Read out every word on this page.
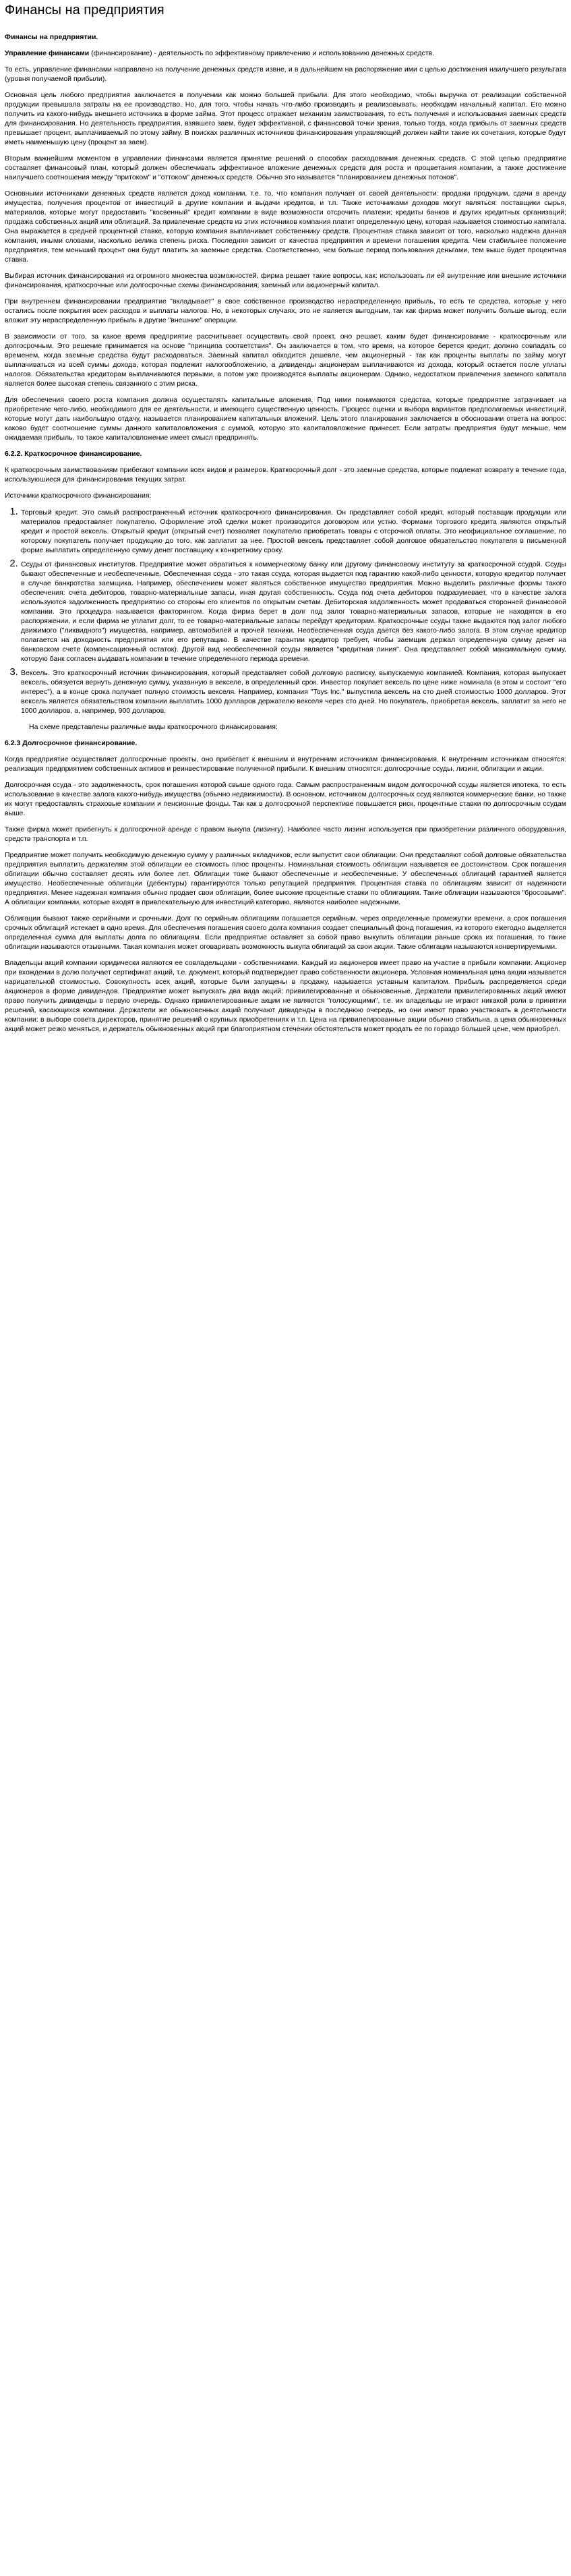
Финансы на предприятия

Финансы на предприятии.

Управление финансами (финансирование) - деятельность по эффективному привлечению и использованию денежных средств.

То есть, управление финансами направлено на получение денежных средств извне, и в дальнейшем на распоряжение ими с целью достижения наилучшего результата (уровня получаемой прибыли).

Основная цель любого предприятия заключается в получении как можно большей прибыли. Для этого необходимо, чтобы выручка от реализации собственной продукции превышала затраты на ее производство. Но, для того, чтобы начать что-либо производить и реализовывать, необходим начальный капитал. Его можно получить из какого-нибудь внешнего источника в форме займа. Этот процесс отражает механизм заимствования, то есть получения и использования заемных средств для финансирования. Но деятельность предприятия, взявшего заем, будет эффективной, с финансовой точки зрения, только тогда, когда прибыль от заемных средств превышает процент, выплачиваемый по этому займу. В поисках различных источников финансирования управляющий должен найти такие их сочетания, которые будут иметь наименьшую цену (процент за заем).

Вторым важнейшим моментом в управлении финансами является принятие решений о способах расходования денежных средств. С этой целью предприятие составляет финансовый план, который должен обеспечивать эффективное вложение денежных средств для роста и процветания компании, а также достижение наилучшего соотношения между "притоком" и "оттоком" денежных средств. Обычно это называется "планированием денежных потоков".

Основными источниками денежных средств является доход компании, т.е. то, что компания получает от своей деятельности: продажи продукции, сдачи в аренду имущества, получения процентов от инвестиций в другие компании и выдачи кредитов, и т.п. Также источниками доходов могут являться: поставщики сырья, материалов, которые могут предоставить "косвенный" кредит компании в виде возможности отсрочить платежи; кредиты банков и других кредитных организаций; продажа собственных акций или облигаций. За привлечение средств из этих источников компания платит определенную цену, которая называется стоимостью капитала. Она выражается в средней процентной ставке, которую компания выплачивает собственнику средств. Процентная ставка зависит от того, насколько надежна данная компания, иными словами, насколько велика степень риска. Последняя зависит от качества предприятия и времени погашения кредита. Чем стабильнее положение предприятия, тем меньший процент они будут платить за заемные средства. Соответственно, чем больше период пользования деньгами, тем выше будет процентная ставка.

Выбирая источник финансирования из огромного множества возможностей, фирма решает такие вопросы, как: использовать ли ей внутренние или внешние источники финансирования, краткосрочные или долгосрочные схемы финансирования; заемный или акционерный капитал.

При внутреннем финансировании предприятие "вкладывает" в свое собственное производство нераспределенную прибыль, то есть те средства, которые у него остались после покрытия всех расходов и выплаты налогов. Но, в некоторых случаях, это не является выгодным, так как фирма может получить больше выгод, если вложит эту нераспределенную прибыль в другие "внешние" операции.

В зависимости от того, за какое время предприятие рассчитывает осуществить свой проект, оно решает, каким будет финансирование - краткосрочным или долгосрочным. Это решение принимается на основе "принципа соответствия". Он заключается в том, что время, на которое берется кредит, должно совпадать со временем, когда заемные средства будут расходоваться. Заемный капитал обходится дешевле, чем акционерный - так как проценты выплаты по займу могут выплачиваться из всей суммы дохода, которая подлежит налогообложению, а дивиденды акционерам выплачиваются из дохода, который остается после уплаты налогов. Обязательства кредиторам выплачиваются первыми, а потом уже производятся выплаты акционерам. Однако, недостатком привлечения заемного капитала является более высокая степень связанного с этим риска.

Для обеспечения своего роста компания должна осуществлять капитальные вложения. Под ними понимаются средства, которые предприятие затрачивает на приобретение чего-либо, необходимого для ее деятельности, и имеющего существенную ценность. Процесс оценки и выбора вариантов предполагаемых инвестиций, которые могут дать наибольшую отдачу, называется планированием капитальных вложений. Цель этого планирования заключается в обосновании ответа на вопрос: каково будет соотношение суммы данного капиталовложения с суммой, которую это капиталовложение принесет. Если затраты предприятия будут меньше, чем ожидаемая прибыль, то такое капиталовложение имеет смысл предпринять.

6.2.2. Краткосрочное финансирование.

К краткосрочным заимствованиям прибегают компании всех видов и размеров. Краткосрочный долг - это заемные средства, которые подлежат возврату в течение года, используюшиеся для финансирования текущих затрат.

Источники краткосрочного финансирования:

1. Торговый кредит. Это самый распространенный источник краткосрочного финансирования. Он представляет собой кредит, который поставщик продукции или материалов предоставляет покупателю. Оформление этой сделки может производится договором или устно. Формами торгового кредита являются открытый кредит и простой вексель. Открытый кредит (открытый счет) позволяет покупателю приобретать товары с отсрочкой оплаты. Это неофициальное соглашение, по которому покупатель получает продукцию до того, как заплатит за нее. Простой вексель представляет собой долговое обязательство покупателя в письменной форме выплатить определенную сумму денег поставщику к конкретному сроку.
2. Ссуды от финансовых институтов. Предприятие может обратиться к коммерческому банку или другому финансовому институту за краткосрочной ссудой. Ссуды бывают обеспеченные и необеспеченные. Обеспеченная ссуда - это такая ссуда, которая выдается под гарантию какой-либо ценности, которую кредитор получает в случае банкротства заемщика. Например, обеспечением может являться собственное имущество предприятия. Можно выделить различные формы такого обеспечения: счета дебиторов, товарно-материальные запасы, иная другая собственность. Ссуда под счета дебиторов подразумевает, что в качестве залога используются задолженность предприятию со стороны его клиентов по открытым счетам. Дебиторская задолженность может продаваться сторонней финансовой компании. Это процедура называется факторингом. Когда фирма берет в долг под залог товарно-материальных запасов, которые не находятся в его распоряжении, и если фирма не уплатит долг, то ее товарно-материальные запасы перейдут кредиторам. Краткосрочные ссуды также выдаются под залог любого движимого ("ликвидного") имущества, например, автомобилей и прочей техники. Необеспеченная ссуда дается без какого-либо залога. В этом случае кредитор полагается на доходность предприятия или его репутацию. В качестве гарантии кредитор требует, чтобы заемщик держал определенную сумму денег на банковском счете (компенсационный остаток). Другой вид необеспеченной ссуды является "кредитная линия". Она представляет собой максимальную сумму, которую банк согласен выдавать компании в течение определенного периода времени.
3. Вексель. Это краткосрочный источник финансирования, который представляет собой долговую расписку, выпускаемую компанией. Компания, которая выпускает вексель, обязуется вернуть денежную сумму, указанную в векселе, в определенный срок. Инвестор покупает вексель по цене ниже номинала (в этом и состоит "его интерес"), а в конце срока получает полную стоимость векселя. Например, компания "Toys Inc." выпустила вексель на сто дней стоимостью 1000 долларов. Этот вексель является обязательством компании выплатить 1000 долларов держателю векселя через сто дней. Но покупатель, приобретая вексель, заплатит за него не 1000 долларов, а, например, 900 долларов.

На схеме представлены различные виды краткосрочного финансирования:

6.2.3 Долгосрочное финансирование.

Когда предприятие осуществляет долгосрочные проекты, оно прибегает к внешним и внутренним источникам финансирования. К внутренним источникам относятся: реализация предприятием собственных активов и реинвестирование полученной прибыли. К внешним относятся: долгосрочные ссуды, лизинг, облигации и акции.

Долгосрочная ссуда - это задолженность, срок погашения которой свыше одного года. Самым распространенным видом долгосрочной ссуды является ипотека, то есть использование в качестве залога какого-нибудь имущества (обычно недвижимости). В основном, источником долгосрочных ссуд являются коммерческие банки, но также их могут предоставлять страховые компании и пенсионные фонды. Так как в долгосрочной перспективе повышается риск, процентные ставки по долгосрочным ссудам выше.

Также фирма может прибегнуть к долгосрочной аренде с правом выкупа (лизингу). Наиболее часто лизинг используется при приобретении различного оборудования, средств транспорта и т.п.

Предприятие может получить необходимую денежную сумму у различных вкладчиков, если выпустит свои облигации. Они представляют собой долговые обязательства предприятия выплатить держателям этой облигации ее стоимость плюс проценты. Номинальная стоимость облигации называется ее достоинством. Срок погашения облигации обычно составляет десять или более лет. Облигации тоже бывают обеспеченные и необеспеченные. У обеспеченных облигаций гарантией является имущество. Необеспеченные облигации (дебентуры) гарантируются только репутацией предприятия. Процентная ставка по облигациям зависит от надежности предприятия. Менее надежная компания обычно продает свои облигации, более высокие процентные ставки по облигациям. Такие облигации называются "бросовыми". А облигации компании, которые входят в привлекательную для инвестиций категорию, являются наиболее надежными.

Облигации бывают также серийными и срочными. Долг по серийным облигациям погашается серийным, через определенные промежутки времени, а срок погашения срочных облигаций истекает в одно время. Для обеспечения погашения своего долга компания создает специальный фонд погашения, из которого ежегодно выделяется определенная сумма для выплаты долга по облигациям. Если предприятие оставляет за собой право выкупить облигации раньше срока их погашения, то такие облигации называются отзывными. Такая компания может оговаривать возможность выкупа облигаций за свои акции. Такие облигации называются конвертируемыми.

Владельцы акций компании юридически являются ее совладельцами - собственниками. Каждый из акционеров имеет право на участие в прибыли компании. Акционер при вхождении в долю получает сертификат акций, т.е. документ, который подтверждает право собственности акционера. Условная номинальная цена акции называется нарицательной стоимостью. Совокупность всех акций, которые были запущены в продажу, называется уставным капиталом. Прибыль распределяется среди акционеров в форме дивидендов. Предприятие может выпускать два вида акций: привилегированные и обыкновенные. Держатели привилегированных акций имеют право получить дивиденды в первую очередь. Однако привилегированные акции не являются "голосующими", т.е. их владельцы не играют никакой роли в принятии решений, касающихся компании. Держатели же обыкновенных акций получают дивиденды в последнюю очередь, но они имеют право участвовать в деятельности компании: в выборе совета директоров, принятие решений о крупных приобретениях и т.п. Цена на привилегированные акции обычно стабильна, а цена обыкновенных акций может резко меняться, и держатель обыкновенных акций при благоприятном стечении обстоятельств может продать ее по гораздо большей цене, чем приобрел.
